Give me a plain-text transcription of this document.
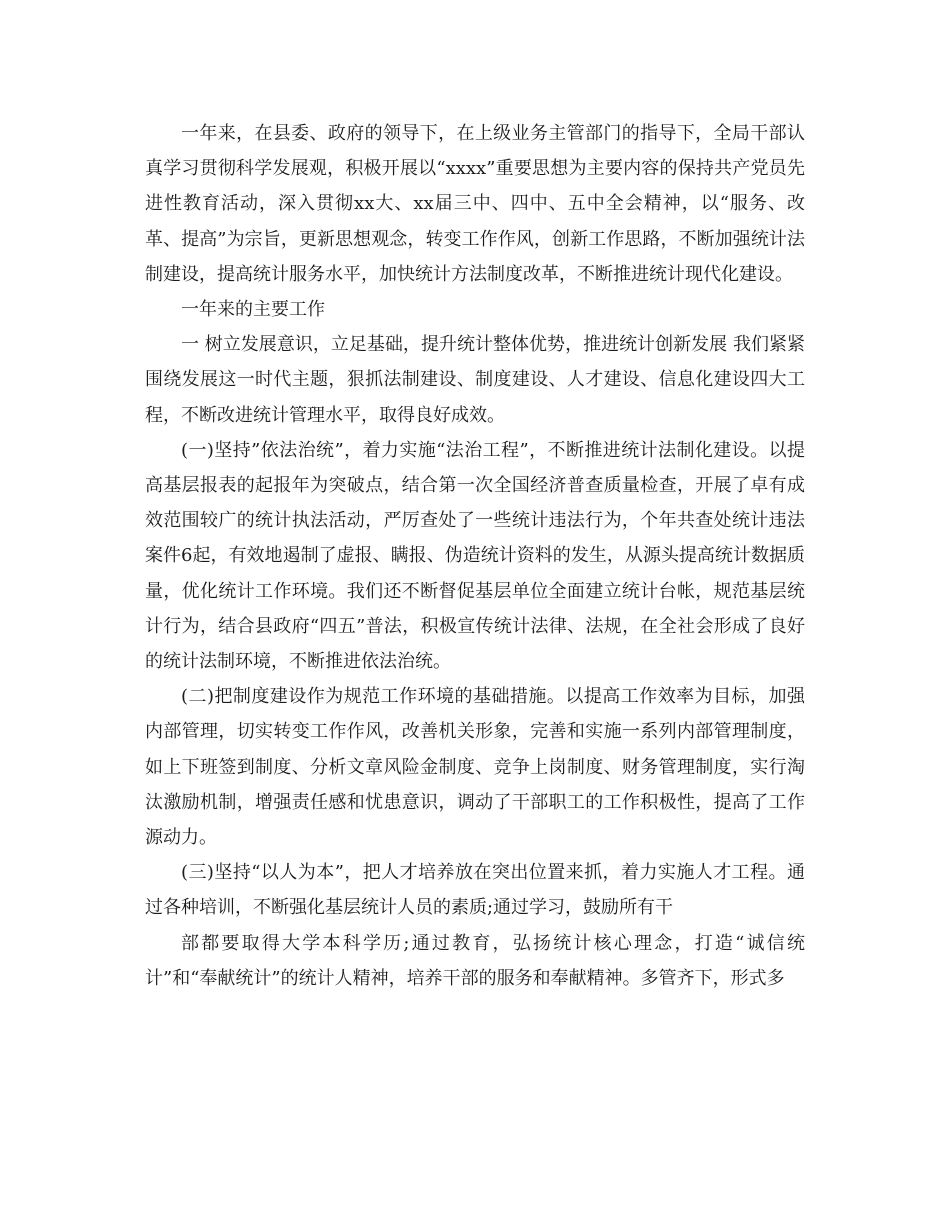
一年来，在县委、政府的领导下，在上级业务主管部门的指导下，全局干部认真学习贯彻科学发展观，积极开展以“xxxx”重要思想为主要内容的保持共产党员先进性教育活动，深入贯彻xx大、xx届三中、四中、五中全会精神，以“服务、改革、提高”为宗旨，更新思想观念，转变工作作风，创新工作思路，不断加强统计法制建设，提高统计服务水平，加快统计方法制度改革，不断推进统计现代化建设。

一年来的主要工作

一 树立发展意识，立足基础，提升统计整体优势，推进统计创新发展 我们紧紧围绕发展这一时代主题，狠抓法制建设、制度建设、人才建设、信息化建设四大工程，不断改进统计管理水平，取得良好成效。

(一)坚持”依法治统”，着力实施“法治工程”，不断推进统计法制化建设。以提高基层报表的起报年为突破点，结合第一次全国经济普查质量检查，开展了卓有成效范围较广的统计执法活动，严厉查处了一些统计违法行为，个年共查处统计违法案件6起，有效地遏制了虚报、瞒报、伪造统计资料的发生，从源头提高统计数据质量，优化统计工作环境。我们还不断督促基层单位全面建立统计台帐，规范基层统计行为，结合县政府“四五”普法，积极宣传统计法律、法规，在全社会形成了良好的统计法制环境，不断推进依法治统。

(二)把制度建设作为规范工作环境的基础措施。以提高工作效率为目标，加强内部管理，切实转变工作作风，改善机关形象，完善和实施一系列内部管理制度，如上下班签到制度、分析文章风险金制度、竞争上岗制度、财务管理制度，实行淘汰激励机制，增强责任感和忧患意识，调动了干部职工的工作积极性，提高了工作源动力。

(三)坚持“以人为本”，把人才培养放在突出位置来抓，着力实施人才工程。通过各种培训，不断强化基层统计人员的素质;通过学习，鼓励所有干

部都要取得大学本科学历;通过教育，弘扬统计核心理念，打造“诚信统计”和“奉献统计”的统计人精神，培养干部的服务和奉献精神。多管齐下，形式多
